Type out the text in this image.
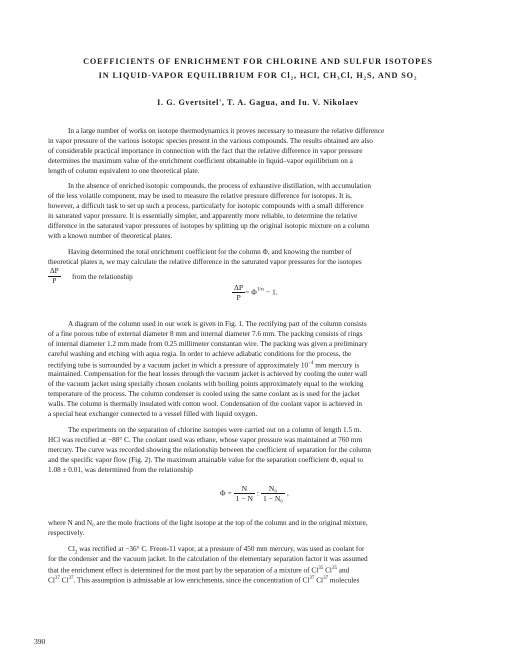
COEFFICIENTS OF ENRICHMENT FOR CHLORINE AND SULFUR ISOTOPES
IN LIQUID-VAPOR EQUILIBRIUM FOR Cl₂, HCl, CH₃Cl, H₂S, AND SO₂
I. G. Gvertsitel', T. A. Gagua, and Iu. V. Nikolaev
In a large number of works on isotope thermodynamics it proves necessary to measure the relative difference
in vapor pressure of the various isotopic species present in the various compounds. The results obtained are also
of considerable practical importance in connection with the fact that the relative difference in vapor pressure
determines the maximum value of the enrichment coefficient obtainable in liquid–vapor equilibrium on a
length of column equivalent to one theoretical plate.
In the absence of enriched isotopic compounds, the process of exhaustive distillation, with accumulation
of the less volatile component, may be used to measure the relative pressure difference for isotopes. It is,
however, a difficult task to set up such a process, particularly for isotopic compounds with a small difference
in saturated vapor pressure. It is essentially simpler, and apparently more reliable, to determine the relative
difference in the saturated vapor pressures of isotopes by splitting up the original isotopic mixture on a column
with a known number of theoretical plates.
Having determined the total enrichment coefficient for the column Φ, and knowing the number of
theoretical plates n, we may calculate the relative difference in the saturated vapor pressures for the isotopes
$\frac{\Delta P}{P}$ from the relationship
$\frac{\Delta P}{P} = \Phi^{1/n} - 1$.
A diagram of the column used in our work is given in Fig. 1. The rectifying part of the column consists
of a fine porous tube of external diameter 8 mm and internal diameter 7.6 mm. The packing consists of rings
of internal diameter 1.2 mm made from 0.25 millimeter constantan wire. The packing was given a preliminary
careful washing and etching with aqua regia. In order to achieve adiabatic conditions for the process, the
rectifying tube is surrounded by a vacuum jacket in which a pressure of approximately $10^{-4}$ mm mercury is
maintained. Compensation for the heat losses through the vacuum jacket is achieved by cooling the outer wall
of the vacuum jacket using specially chosen coolants with boiling points approximately equal to the working
temperature of the process. The column condenser is cooled using the same coolant as is used for the jacket
walls. The column is thermally insulated with cotton wool. Condensation of the coolant vapor is achieved in
a special heat exchanger connected to a vessel filled with liquid oxygen.
The experiments on the separation of chlorine isotopes were carried out on a column of length 1.5 m.
HCl was rectified at −88° C. The coolant used was ethane, whose vapor pressure was maintained at 760 mm
mercury. The curve was recorded showing the relationship between the coefficient of separation for the column
and the specific vapor flow (Fig. 2). The maximum attainable value for the separation coefficient Φ, equal to
1.08 ± 0.01, was determined from the relationship
$\Phi = \frac{N}{1 - N}$ : $\frac{\text{N₀}}{\text{1 − N₀}}$ ,
where N and N₀ are the mole fractions of the light isotope at the top of the column and in the original mixture,
respectively.
$Cl_2$ was rectified at −36° C. Freon-11 vapor, at a pressure of 450 mm mercury, was used as coolant for
for the condenser and the vacuum jacket. In the calculation of the elementary separation factor it was assumed
that the enrichment effect is determined for the most part by the separation of a mixture of Cl$^{35}$ Cl$^{35}$ and
Cl$^{37}$ Cl$^{37}$. This assumption is admissable at low enrichments, since the concentration of Cl$^{37}$ Cl$^{37}$ molecules
390
